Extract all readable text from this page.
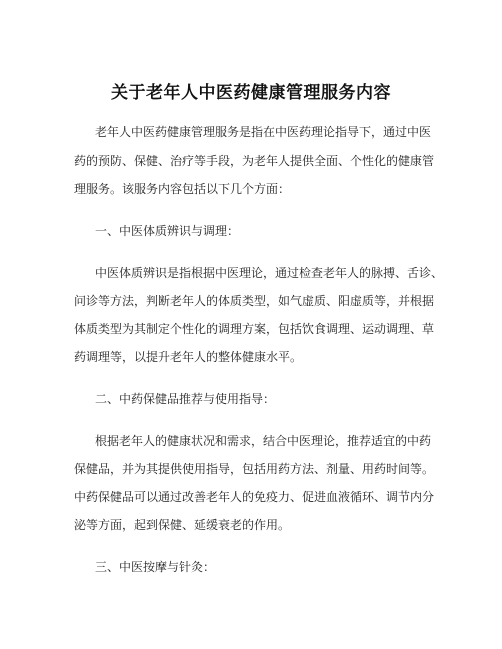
关于老年人中医药健康管理服务内容
老年人中医药健康管理服务是指在中医药理论指导下，通过中医
药的预防、保健、治疗等手段，为老年人提供全面、个性化的健康管
理服务。该服务内容包括以下几个方面：
一、中医体质辨识与调理：
中医体质辨识是指根据中医理论，通过检查老年人的脉搏、舌诊、
问诊等方法，判断老年人的体质类型，如气虚质、阳虚质等，并根据
体质类型为其制定个性化的调理方案，包括饮食调理、运动调理、草
药调理等，以提升老年人的整体健康水平。
二、中药保健品推荐与使用指导：
根据老年人的健康状况和需求，结合中医理论，推荐适宜的中药
保健品，并为其提供使用指导，包括用药方法、剂量、用药时间等。
中药保健品可以通过改善老年人的免疫力、促进血液循环、调节内分
泌等方面，起到保健、延缓衰老的作用。
三、中医按摩与针灸：
